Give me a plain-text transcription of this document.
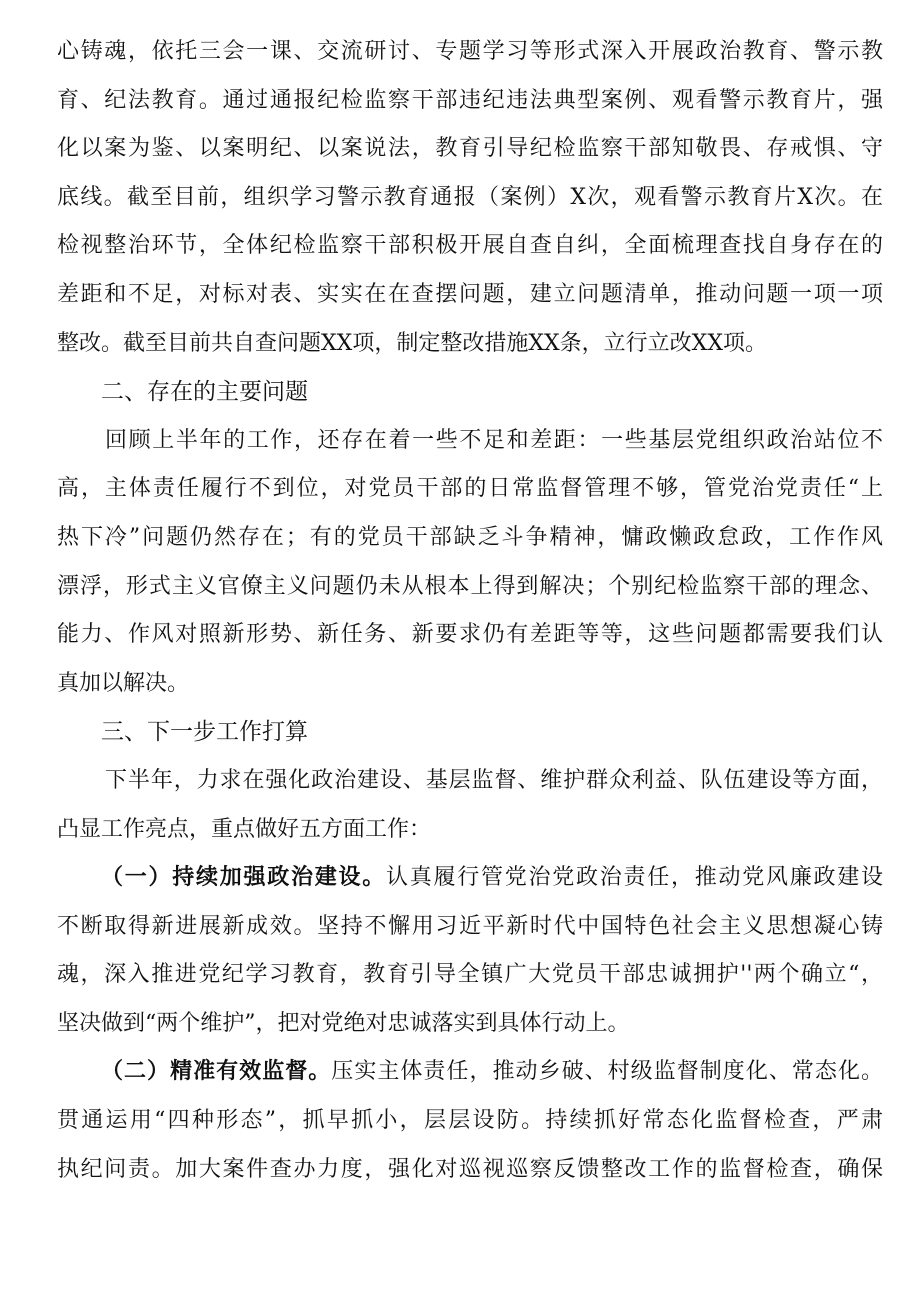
心铸魂，依托三会一课、交流研讨、专题学习等形式深入开展政治教育、警示教
育、纪法教育。通过通报纪检监察干部违纪违法典型案例、观看警示教育片，强
化以案为鉴、以案明纪、以案说法，教育引导纪检监察干部知敬畏、存戒惧、守
底线。截至目前，组织学习警示教育通报（案例）X次，观看警示教育片X次。在
检视整治环节，全体纪检监察干部积极开展自查自纠，全面梳理查找自身存在的
差距和不足，对标对表、实实在在查摆问题，建立问题清单，推动问题一项一项
整改。截至目前共自查问题XX项，制定整改措施XX条，立行立改XX项。
二、存在的主要问题
回顾上半年的工作，还存在着一些不足和差距：一些基层党组织政治站位不
高，主体责任履行不到位，对党员干部的日常监督管理不够，管党治党责任“上
热下冷”问题仍然存在；有的党员干部缺乏斗争精神，慵政懒政怠政，工作作风
漂浮，形式主义官僚主义问题仍未从根本上得到解决；个别纪检监察干部的理念、
能力、作风对照新形势、新任务、新要求仍有差距等等，这些问题都需要我们认
真加以解决。
三、下一步工作打算
下半年，力求在强化政治建设、基层监督、维护群众利益、队伍建设等方面，
凸显工作亮点，重点做好五方面工作：
（一）持续加强政治建设。认真履行管党治党政治责任，推动党风廉政建设
不断取得新进展新成效。坚持不懈用习近平新时代中国特色社会主义思想凝心铸
魂，深入推进党纪学习教育，教育引导全镇广大党员干部忠诚拥护''两个确立“，
坚决做到“两个维护”，把对党绝对忠诚落实到具体行动上。
（二）精准有效监督。压实主体责任，推动乡破、村级监督制度化、常态化。
贯通运用“四种形态”，抓早抓小，层层设防。持续抓好常态化监督检查，严肃
执纪问责。加大案件查办力度，强化对巡视巡察反馈整改工作的监督检查，确保
